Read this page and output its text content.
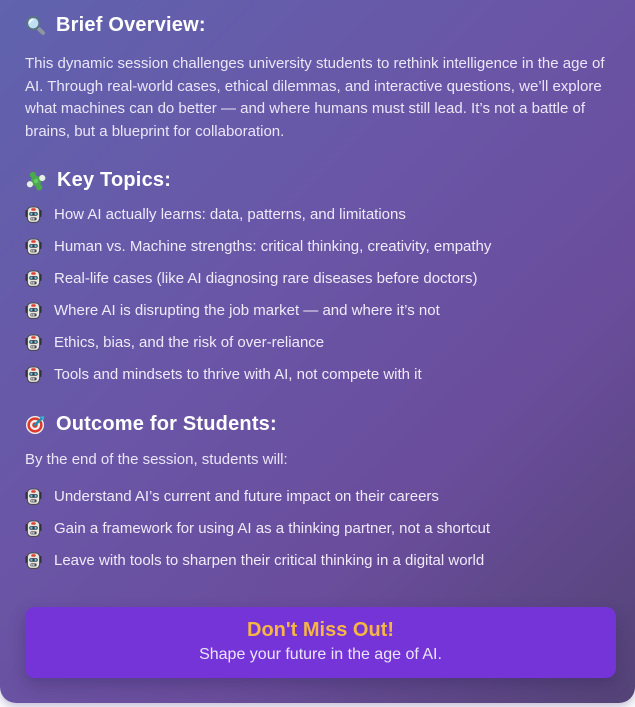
Brief Overview:

This dynamic session challenges university students to rethink intelligence in the age of AI. Through real-world cases, ethical dilemmas, and interactive questions, we’ll explore what machines can do better — and where humans must still lead. It’s not a battle of brains, but a blueprint for collaboration.

Key Topics:
How AI actually learns: data, patterns, and limitations
Human vs. Machine strengths: critical thinking, creativity, empathy
Real-life cases (like AI diagnosing rare diseases before doctors)
Where AI is disrupting the job market — and where it’s not
Ethics, bias, and the risk of over-reliance
Tools and mindsets to thrive with AI, not compete with it
Outcome for Students:

By the end of the session, students will:

Understand AI’s current and future impact on their careers
Gain a framework for using AI as a thinking partner, not a shortcut
Leave with tools to sharpen their critical thinking in a digital world

Don't Miss Out!

Shape your future in the age of AI.
